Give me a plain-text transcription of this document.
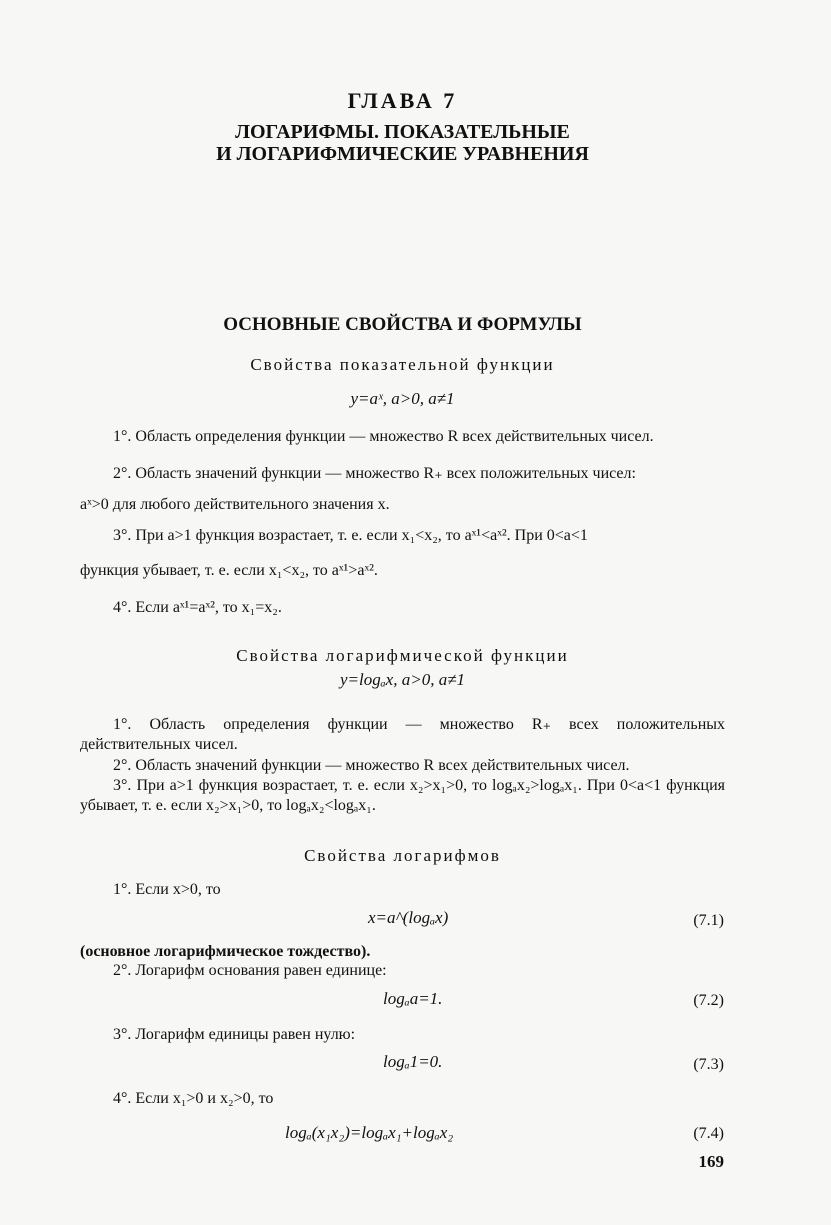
ГЛАВА 7
ЛОГАРИФМЫ. ПОКАЗАТЕЛЬНЫЕ
И ЛОГАРИФМИЧЕСКИЕ УРАВНЕНИЯ
ОСНОВНЫЕ СВОЙСТВА И ФОРМУЛЫ
Свойства показательной функции
y=aˣ, a>0, a≠1
1°. Область определения функции — множество R всех действительных чисел.
2°. Область значений функции — множество R₊ всех положительных чисел:
aˣ>0 для любого действительного значения x.
3°. При a>1 функция возрастает, т. е. если x₁<x₂, то aˣ¹<aˣ². При 0<a<1
функция убывает, т. е. если x₁<x₂, то aˣ¹>aˣ².
4°. Если aˣ¹=aˣ², то x₁=x₂.
Свойства логарифмической функции
y=logₐx, a>0, a≠1
1°. Область определения функции — множество R₊ всех положительных действительных чисел.
2°. Область значений функции — множество R всех действительных чисел.
3°. При a>1 функция возрастает, т. е. если x₂>x₁>0, то logₐx₂>logₐx₁. При 0<a<1 функция убывает, т. е. если x₂>x₁>0, то logₐx₂<logₐx₁.
Свойства логарифмов
1°. Если x>0, то
x=a^(logₐx)	(7.1)
(основное логарифмическое тождество).
2°. Логарифм основания равен единице:
logₐa=1.	(7.2)
3°. Логарифм единицы равен нулю:
logₐ1=0.	(7.3)
4°. Если x₁>0 и x₂>0, то
logₐ(x₁x₂)=logₐx₁+logₐx₂	(7.4)
169
